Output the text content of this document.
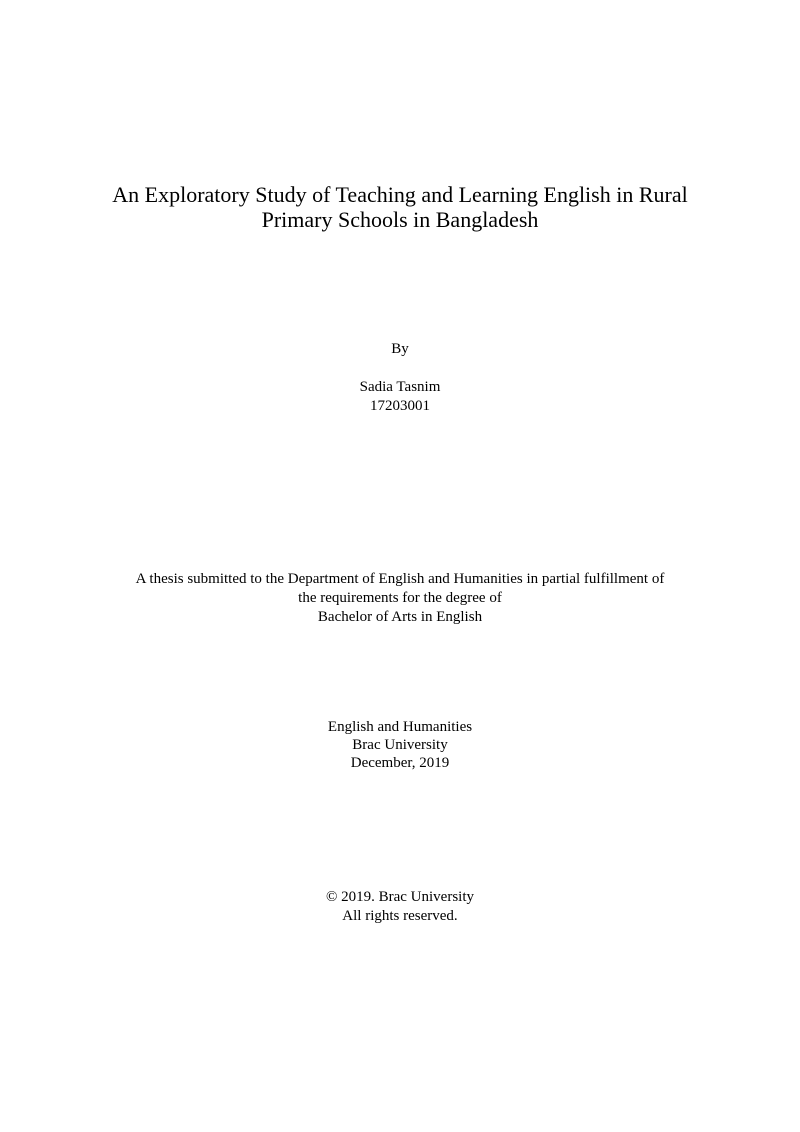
An Exploratory Study of Teaching and Learning English in Rural
Primary Schools in Bangladesh
By
Sadia Tasnim
17203001
A thesis submitted to the Department of English and Humanities in partial fulfillment of
the requirements for the degree of
Bachelor of Arts in English
English and Humanities
Brac University
December, 2019
© 2019. Brac University
All rights reserved.
